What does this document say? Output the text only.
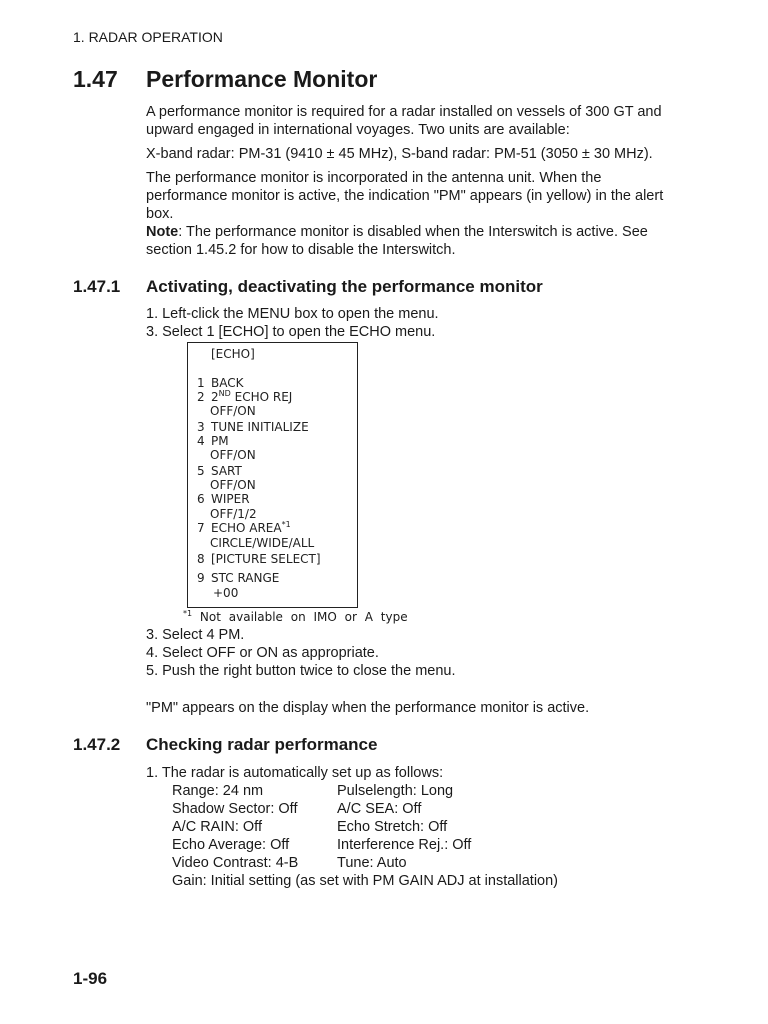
1. RADAR OPERATION
1.47 Performance Monitor

A performance monitor is required for a radar installed on vessels of 300 GT and upward engaged in international voyages. Two units are available:

X-band radar: PM-31 (9410 ± 45 MHz), S-band radar: PM-51 (3050 ± 30 MHz).

The performance monitor is incorporated in the antenna unit. When the performance monitor is active, the indication "PM" appears (in yellow) in the alert box.

Note: The performance monitor is disabled when the Interswitch is active. See section 1.45.2 for how to disable the Interswitch.

1.47.1 Activating, deactivating the performance monitor
1. Left-click the MENU box to open the menu.
3. Select 1 [ECHO] to open the ECHO menu.
[ECHO]
1 BACK
2 2ND ECHO REJ
OFF/ON
3 TUNE INITIALIZE
4 PM
OFF/ON
5 SART
OFF/ON
6 WIPER
OFF/1/2
7 ECHO AREA$^{*1}$
CIRCLE/WIDE/ALL
8 [PICTURE SELECT]
9 STC RANGE
+00
$^{*1}$ Not available on IMO or A type
3. Select 4 PM.
4. Select OFF or ON as appropriate.
5. Push the right button twice to close the menu.
"PM" appears on the display when the performance monitor is active.
1.47.2 Checking radar performance
1. The radar is automatically set up as follows:
Range: 24 nm	Pulselength: Long
Shadow Sector: Off	A/C SEA: Off
A/C RAIN: Off	Echo Stretch: Off
Echo Average: Off	Interference Rej.: Off
Video Contrast: 4-B	Tune: Auto
Gain: Initial setting (as set with PM GAIN ADJ at installation)
1-96
